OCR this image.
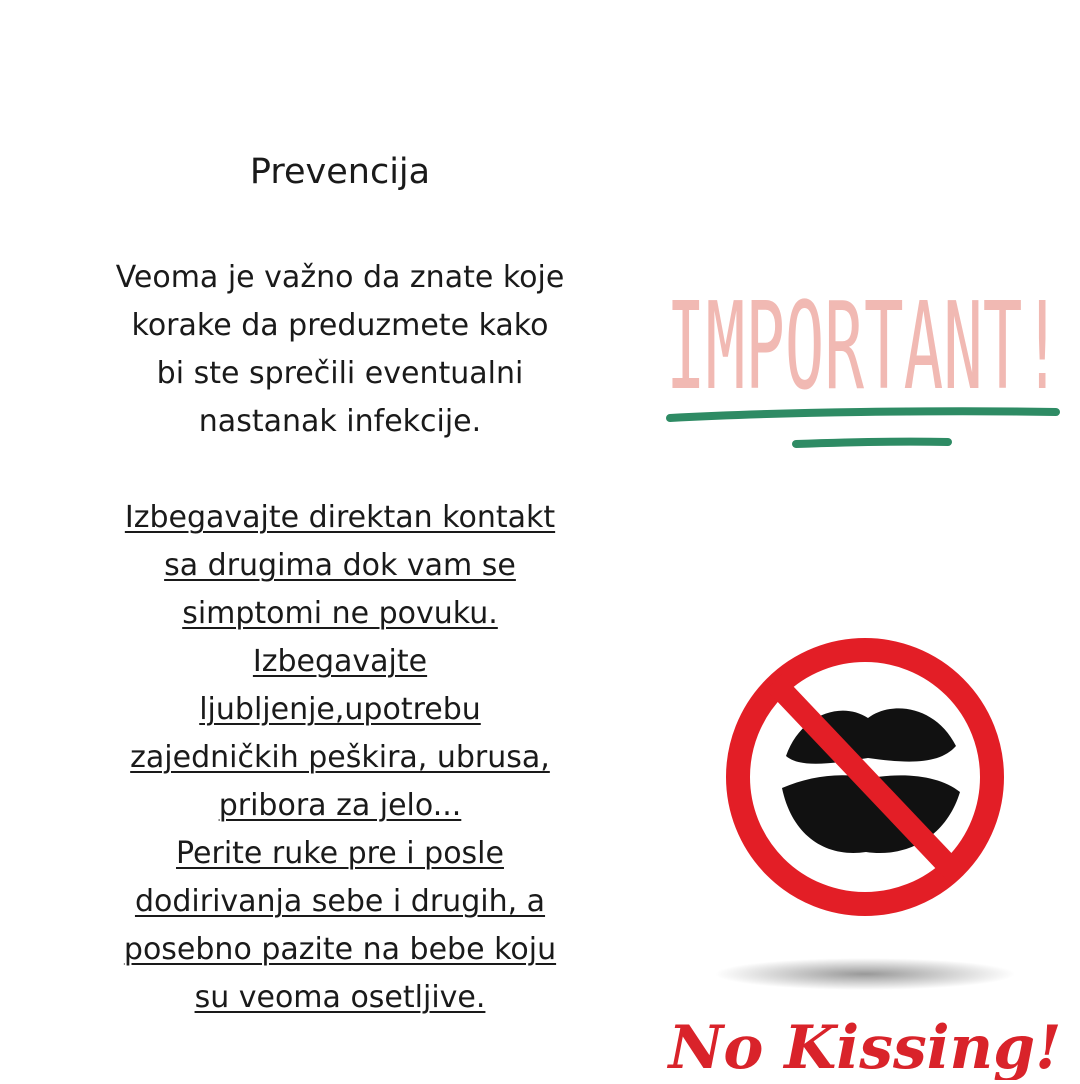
Prevencija

Veoma je važno da znate koje
korake da preduzmete kako
bi ste sprečili eventualni
nastanak infekcije.

Izbegavajte direktan kontakt
sa drugima dok vam se
simptomi ne povuku.
Izbegavajte
ljubljenje,upotrebu
zajedničkih peškira, ubrusa,
pribora za jelo...
Perite ruke pre i posle
dodirivanja sebe i drugih, a
posebno pazite na bebe koju
su veoma osetljive.

IMPORTANT!
No Kissing!
